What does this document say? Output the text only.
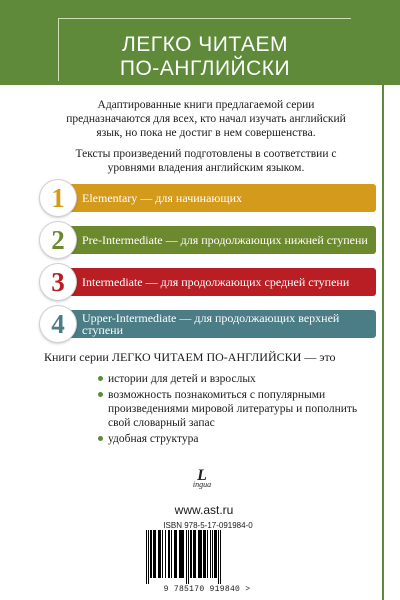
ЛЕГКО ЧИТАЕМ
ПО-АНГЛИЙСКИ

Адаптированные книги предлагаемой серии предназначаются для всех, кто начал изучать английский язык, но пока не достиг в нем совершенства.

Тексты произведений подготовлены в соответствии с уровнями владения английским языком.

Elementary — для начинающих
1
Pre-Intermediate — для продолжающих нижней ступени
2
Intermediate — для продолжающих средней ступени
3
Upper-Intermediate — для продолжающих верхней ступени
4
Книги серии ЛЕГКО ЧИТАЕМ ПО-АНГЛИЙСКИ — это
истории для детей и взрослых
возможность познакомиться с популярными произведениями мировой литературы и пополнить свой словарный запас
удобная структура
L
ingua
www.ast.ru
ISBN 978-5-17-091984-0
9 785170 919840 >
